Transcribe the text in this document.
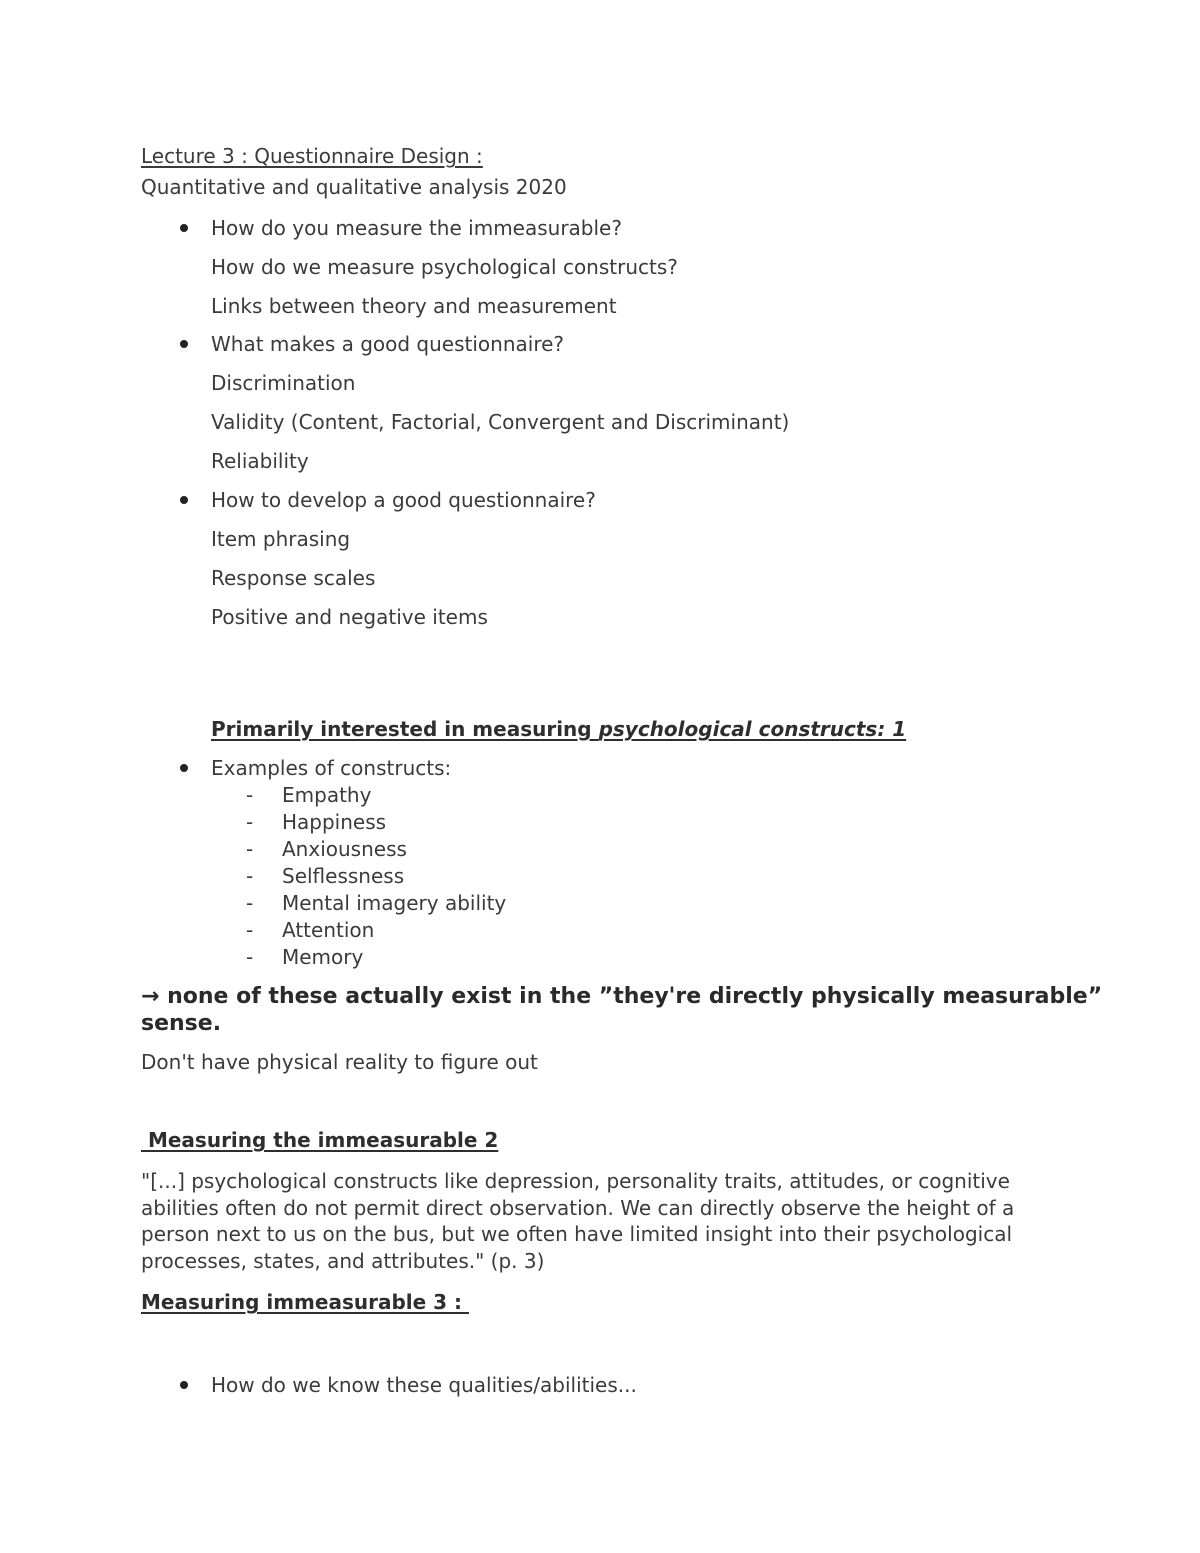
Lecture 3 : Questionnaire Design :
Quantitative and qualitative analysis 2020
How do you measure the immeasurable?
How do we measure psychological constructs?
Links between theory and measurement
What makes a good questionnaire?
Discrimination
Validity (Content, Factorial, Convergent and Discriminant)
Reliability
How to develop a good questionnaire?
Item phrasing
Response scales
Positive and negative items
Primarily interested in measuring psychological constructs: 1
Examples of constructs:
- Empathy
- Happiness
- Anxiousness
- Selflessness
- Mental imagery ability
- Attention
- Memory
→ none of these actually exist in the ”they're directly physically measurable”
sense.
Don't have physical reality to figure out
Measuring the immeasurable 2
"[...] psychological constructs like depression, personality traits, attitudes, or cognitive abilities often do not permit direct observation. We can directly observe the height of a person next to us on the bus, but we often have limited insight into their psychological processes, states, and attributes." (p. 3)
Measuring immeasurable 3 :
How do we know these qualities/abilities...
